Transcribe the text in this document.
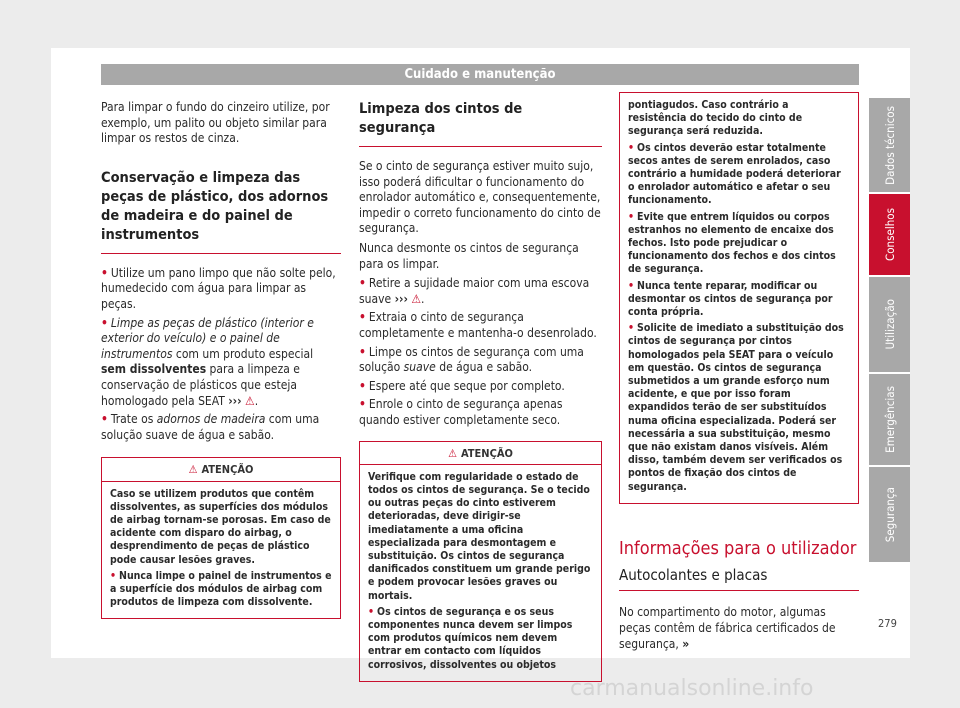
Cuidado e manutenção

Para limpar o fundo do cinzeiro utilize, por exemplo, um palito ou objeto similar para limpar os restos de cinza.

Conservação e limpeza das peças de plástico, dos adornos de madeira e do painel de instrumentos

• Utilize um pano limpo que não solte pelo, humedecido com água para limpar as peças.

• Limpe as peças de plástico (interior e exterior do veículo) e o painel de instrumentos com um produto especial sem dissolventes para a limpeza e conservação de plásticos que esteja homologado pela SEAT ››› ⚠.

• Trate os adornos de madeira com uma solução suave de água e sabão.

⚠ ATENÇÃO

Caso se utilizem produtos que contêm dissolventes, as superfícies dos módulos de airbag tornam-se porosas. Em caso de acidente com disparo do airbag, o desprendimento de peças de plástico pode causar lesões graves.

• Nunca limpe o painel de instrumentos e a superfície dos módulos de airbag com produtos de limpeza com dissolvente.

Limpeza dos cintos de segurança

Se o cinto de segurança estiver muito sujo, isso poderá dificultar o funcionamento do enrolador automático e, consequentemente, impedir o correto funcionamento do cinto de segurança.

Nunca desmonte os cintos de segurança para os limpar.

• Retire a sujidade maior com uma escova suave ››› ⚠.

• Extraia o cinto de segurança completamente e mantenha-o desenrolado.

• Limpe os cintos de segurança com uma solução suave de água e sabão.

• Espere até que seque por completo.

• Enrole o cinto de segurança apenas quando estiver completamente seco.

⚠ ATENÇÃO

Verifique com regularidade o estado de todos os cintos de segurança. Se o tecido ou outras peças do cinto estiverem deterioradas, deve dirigir-se imediatamente a uma oficina especializada para desmontagem e substituição. Os cintos de segurança danificados constituem um grande perigo e podem provocar lesões graves ou mortais.

• Os cintos de segurança e os seus componentes nunca devem ser limpos com produtos químicos nem devem entrar em contacto com líquidos corrosivos, dissolventes ou objetos

pontiagudos. Caso contrário a resistência do tecido do cinto de segurança será reduzida.

• Os cintos deverão estar totalmente secos antes de serem enrolados, caso contrário a humidade poderá deteriorar o enrolador automático e afetar o seu funcionamento.

• Evite que entrem líquidos ou corpos estranhos no elemento de encaixe dos fechos. Isto pode prejudicar o funcionamento dos fechos e dos cintos de segurança.

• Nunca tente reparar, modificar ou desmontar os cintos de segurança por conta própria.

• Solicite de imediato a substituição dos cintos de segurança por cintos homologados pela SEAT para o veículo em questão. Os cintos de segurança submetidos a um grande esforço num acidente, e que por isso foram expandidos terão de ser substituídos numa oficina especializada. Poderá ser necessária a sua substituição, mesmo que não existam danos visíveis. Além disso, também devem ser verificados os pontos de fixação dos cintos de segurança.

Informações para o utilizador
Autocolantes e placas

No compartimento do motor, algumas peças contêm de fábrica certificados de segurança, »

Dados técnicos
Conselhos
Utilização
Emergências
Segurança
279
carmanualsonline.info
